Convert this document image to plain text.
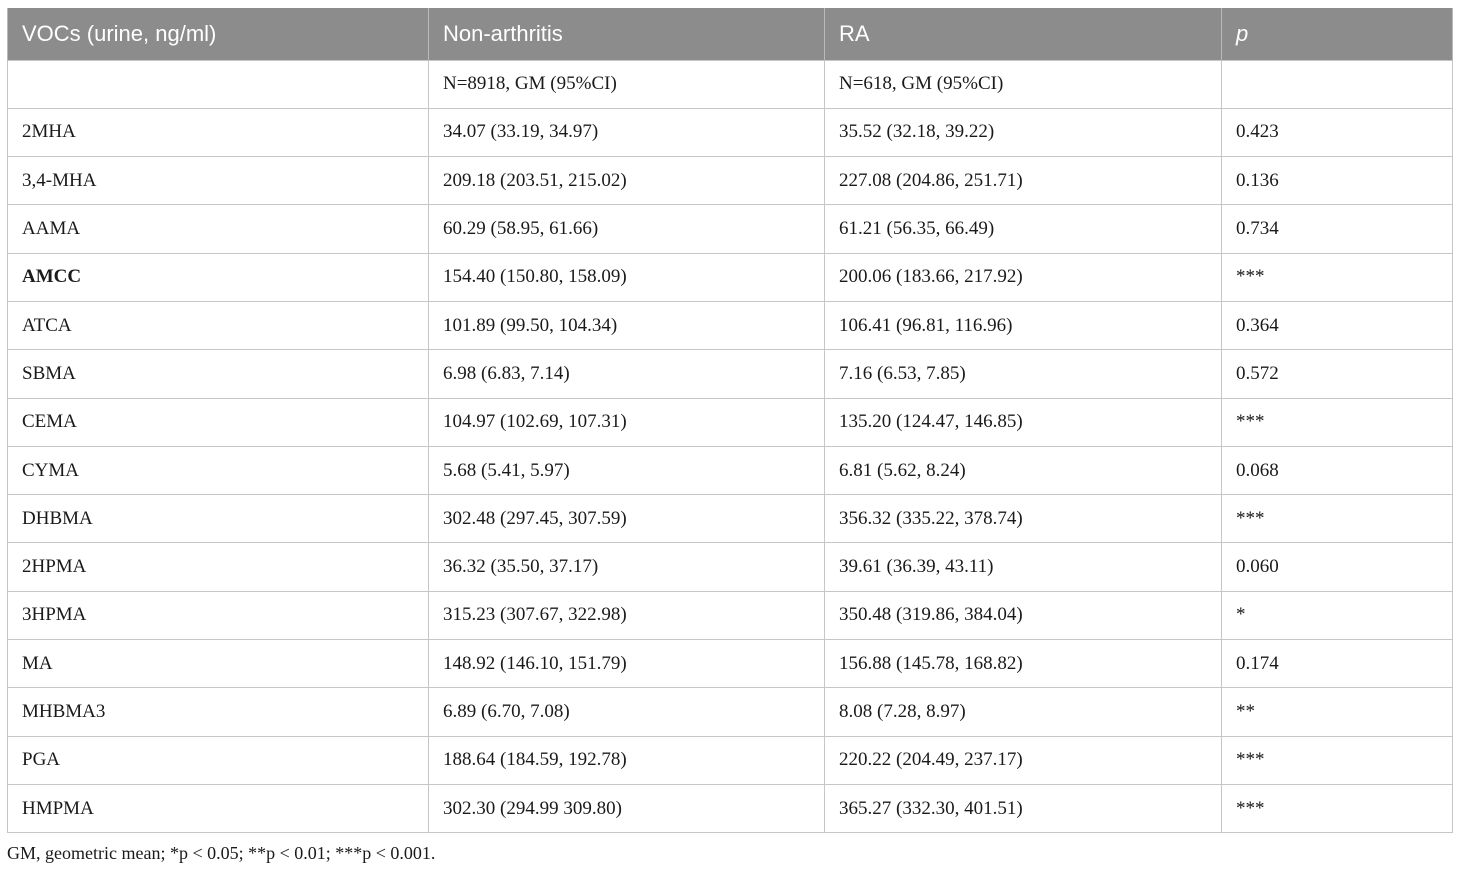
VOCs (urine, ng/ml)	Non-arthritis	RA	p
	N=8918, GM (95%CI)	N=618, GM (95%CI)	
2MHA	34.07 (33.19, 34.97)	35.52 (32.18, 39.22)	0.423
3,4-MHA	209.18 (203.51, 215.02)	227.08 (204.86, 251.71)	0.136
AAMA	60.29 (58.95, 61.66)	61.21 (56.35, 66.49)	0.734
AMCC	154.40 (150.80, 158.09)	200.06 (183.66, 217.92)	***
ATCA	101.89 (99.50, 104.34)	106.41 (96.81, 116.96)	0.364
SBMA	6.98 (6.83, 7.14)	7.16 (6.53, 7.85)	0.572
CEMA	104.97 (102.69, 107.31)	135.20 (124.47, 146.85)	***
CYMA	5.68 (5.41, 5.97)	6.81 (5.62, 8.24)	0.068
DHBMA	302.48 (297.45, 307.59)	356.32 (335.22, 378.74)	***
2HPMA	36.32 (35.50, 37.17)	39.61 (36.39, 43.11)	0.060
3HPMA	315.23 (307.67, 322.98)	350.48 (319.86, 384.04)	*
MA	148.92 (146.10, 151.79)	156.88 (145.78, 168.82)	0.174
MHBMA3	6.89 (6.70, 7.08)	8.08 (7.28, 8.97)	**
PGA	188.64 (184.59, 192.78)	220.22 (204.49, 237.17)	***
HMPMA	302.30 (294.99 309.80)	365.27 (332.30, 401.51)	***
GM, geometric mean; *p < 0.05; **p < 0.01; ***p < 0.001.
